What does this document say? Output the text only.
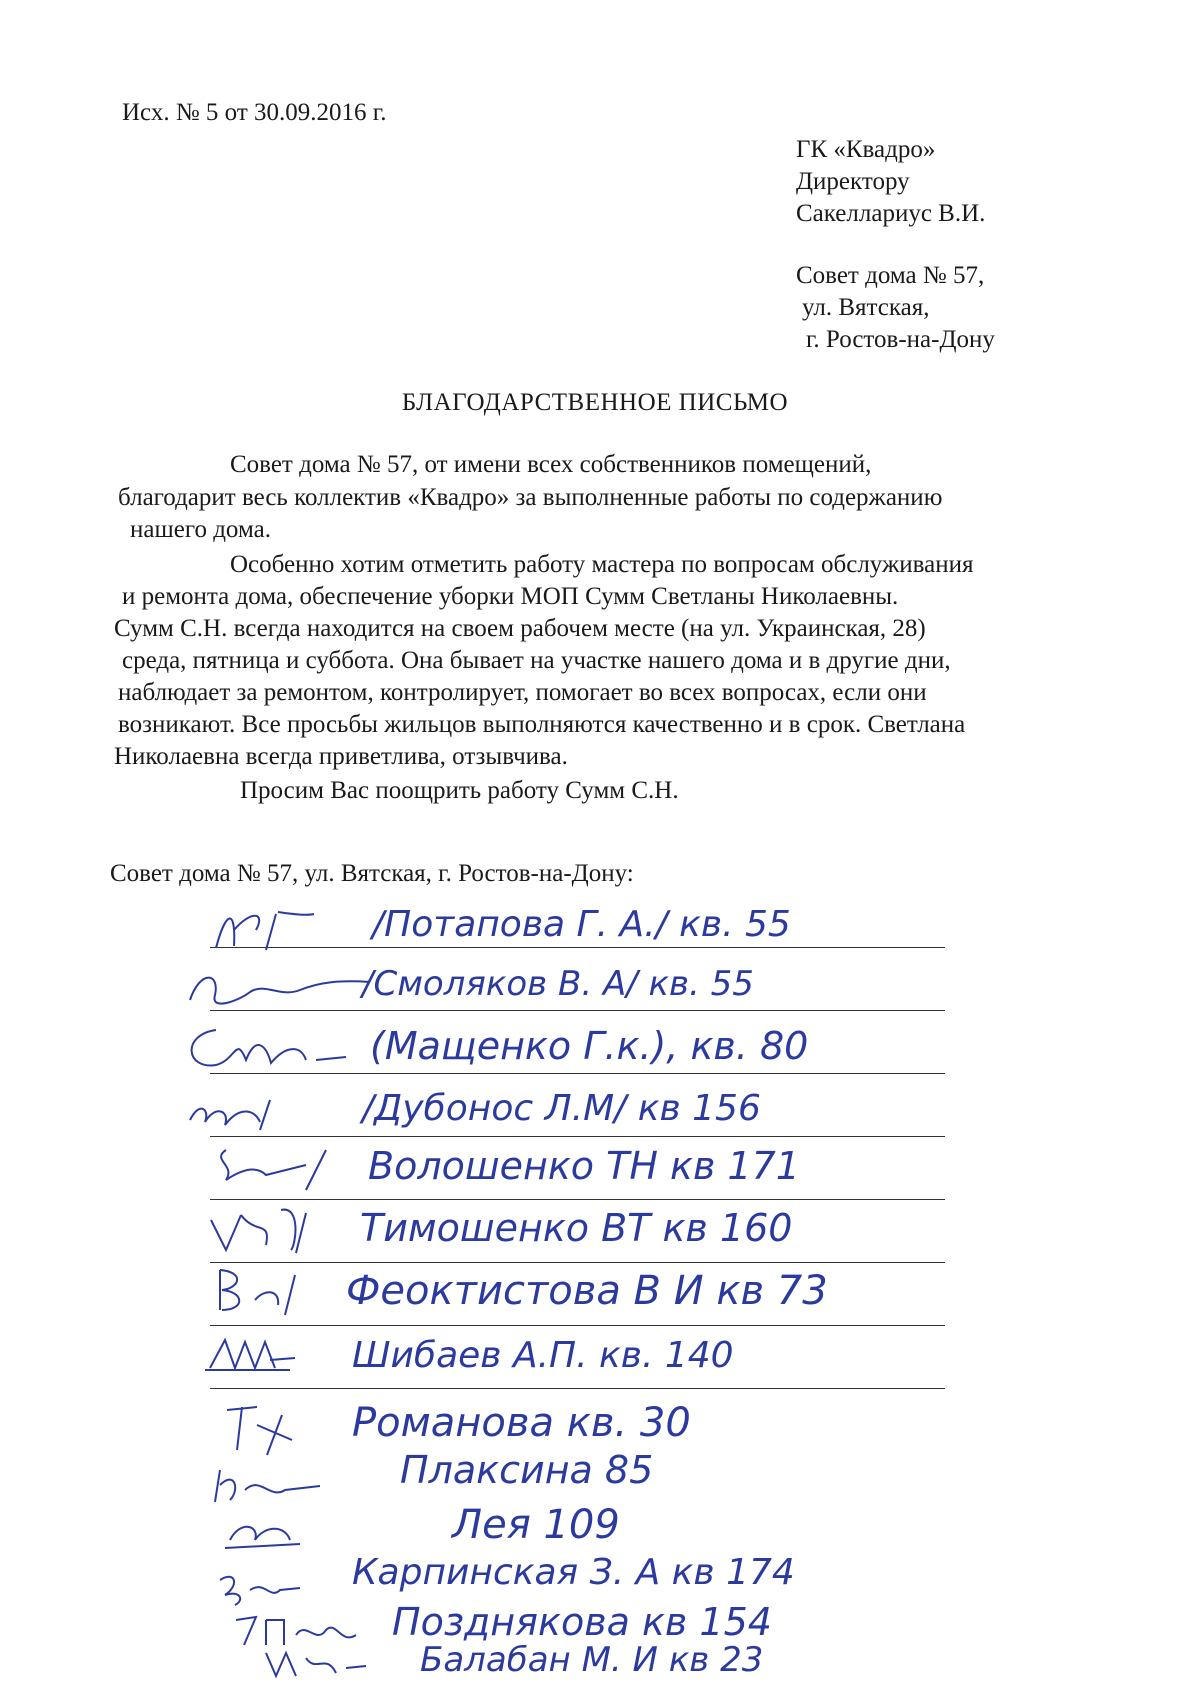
Исх. № 5 от 30.09.2016 г.
ГК «Квадро»
Директору
Сакеллариус В.И.
Совет дома № 57,
ул. Вятская,
г. Ростов-на-Дону
БЛАГОДАРСТВЕННОЕ ПИСЬМО
Совет дома № 57, от имени всех собственников помещений,
благодарит весь коллектив «Квадро» за выполненные работы по содержанию
нашего дома.
Особенно хотим отметить работу мастера по вопросам обслуживания
и ремонта дома, обеспечение уборки МОП Сумм Светланы Николаевны.
Сумм С.Н. всегда находится на своем рабочем месте (на ул. Украинская, 28)
среда, пятница и суббота. Она бывает на участке нашего дома и в другие дни,
наблюдает за ремонтом, контролирует, помогает во всех вопросах, если они
возникают. Все просьбы жильцов выполняются качественно и в срок. Светлана
Николаевна всегда приветлива, отзывчива.
Просим Вас поощрить работу Сумм С.Н.
Совет дома № 57, ул. Вятская, г. Ростов-на-Дону:
/Потапова Г. А./ кв. 55
/Смоляков В. А/ кв. 55
(Мащенко Г.к.), кв. 80
/Дубонос Л.М/ кв 156
Волошенко ТН кв 171
Тимошенко ВТ кв 160
Феоктистова В И кв 73
Шибаев А.П. кв. 140
Романова кв. 30
Плаксина 85
Лея 109
Карпинская З. А кв 174
Позднякова кв 154
Балабан М. И кв 23
